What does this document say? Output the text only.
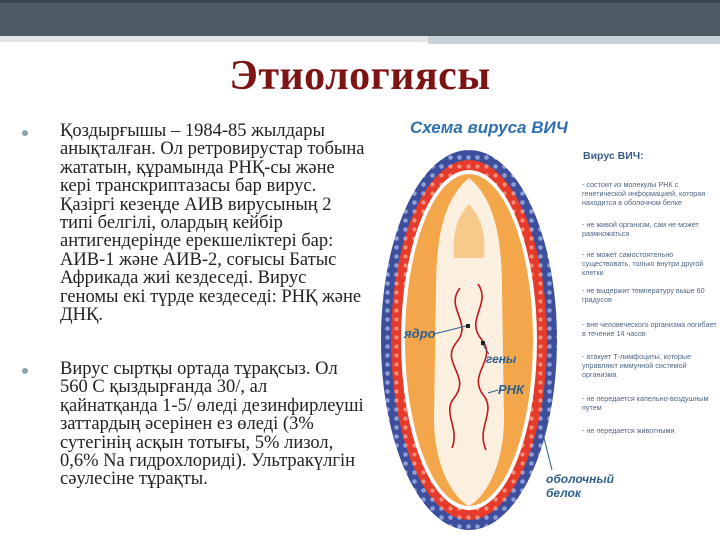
Этиологиясы
Қоздырғышы – 1984-85 жылдары анықталған. Ол ретровирустар тобына жататын, құрамында РНҚ-сы және кері транскриптазасы бар вирус. Қазіргі кезеңде АИВ вирусының 2 типі белгілі, олардың кейбір антигендерінде ерекшеліктері бар: АИВ-1 және АИВ-2, соғысы Батыс Африкада жиі кездеседі. Вирус геномы екі түрде кездеседі: РНҚ және ДНҚ.
Вирус сыртқы ортада тұрақсыз. Ол 560 С қыздырғанда 30/, ал қайнатқанда 1-5/ өледі дезинфирлеуші заттардың әсерінен ез өледі (3% сутегінің асқын тотығы, 5% лизол, 0,6% Na гидрохлориді). Ультракүлгін сәулесіне тұрақты.
Схема вируса ВИЧ
Вирус ВИЧ:
- состоит из молекулы РНК с генетической информацией, которая находится в оболочном белке
- не живой организм, сам не может размножаться
- не может самостоятельно существовать, только внутри другой клетки
- не выдержит температуру выше 60 градусов
- вне человеческого организма погибает в течение 14 часов
- атакует Т-лимфоциты, которые управляют иммунной системой организма
- не передается капельно-воздушным путем
- не передается животными
ядро
гены
РНК
оболочный белок
